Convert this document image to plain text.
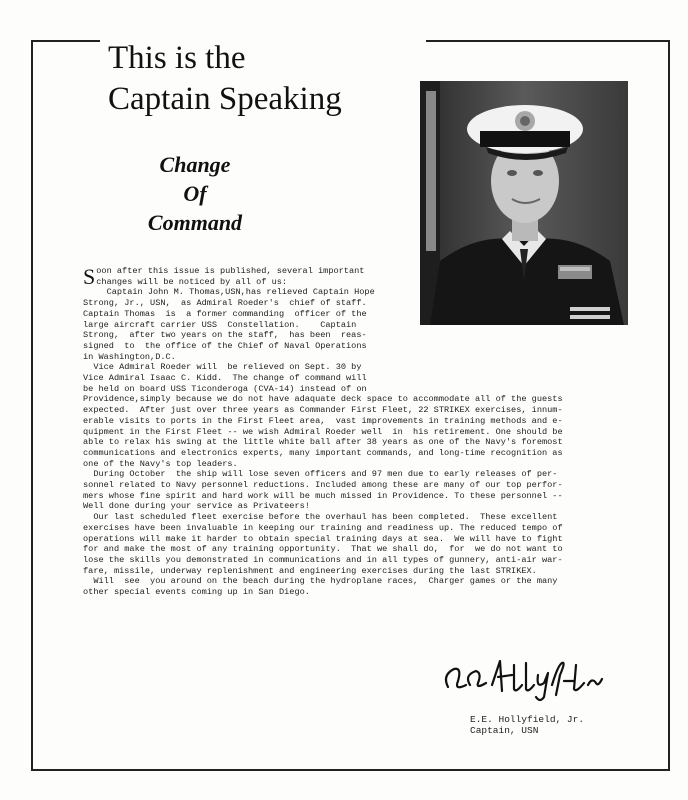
This is the
Captain Speaking
Change
Of
Command
S oon after this issue is published, several important

changes will be noticed by all of us:

Captain John M. Thomas,USN,has relieved Captain Hope

Strong, Jr., USN,  as Admiral Roeder's  chief of staff.

Captain Thomas  is  a former commanding  officer of the

large aircraft carrier USS  Constellation.    Captain

Strong,  after two years on the staff,  has been  reas-

signed  to  the office of the Chief of Naval Operations

in Washington,D.C.

Vice Admiral Roeder will  be relieved on Sept. 30 by

Vice Admiral Isaac C. Kidd.  The change of command will

be held on board USS Ticonderoga (CVA-14) instead of on

Providence,simply because we do not have adaquate deck space to accommodate all of the guests

expected.  After just over three years as Commander First Fleet, 22 STRIKEX exercises, innum-

erable visits to ports in the First Fleet area,  vast improvements in training methods and e-

quipment in the First Fleet -- we wish Admiral Roeder well  in  his retirement. One should be

able to relax his swing at the little white ball after 38 years as one of the Navy's foremost

communications and electronics experts, many important commands, and long-time recognition as

one of the Navy's top leaders.

During October  the ship will lose seven officers and 97 men due to early releases of per-

sonnel related to Navy personnel reductions. Included among these are many of our top perfor-

mers whose fine spirit and hard work will be much missed in Providence. To these personnel --

Well done during your service as Privateers!

Our last scheduled fleet exercise before the overhaul has been completed.  These excellent

exercises have been invaluable in keeping our training and readiness up. The reduced tempo of

operations will make it harder to obtain special training days at sea.  We will have to fight

for and make the most of any training opportunity.  That we shall do,  for  we do not want to

lose the skills you demonstrated in communications and in all types of gunnery, anti-air war-

fare, missile, underway replenishment and engineering exercises during the last STRIKEX.

Will  see  you around on the beach during the hydroplane races,  Charger games or the many

other special events coming up in San Diego.

E.E. Hollyfield, Jr.
Captain, USN
